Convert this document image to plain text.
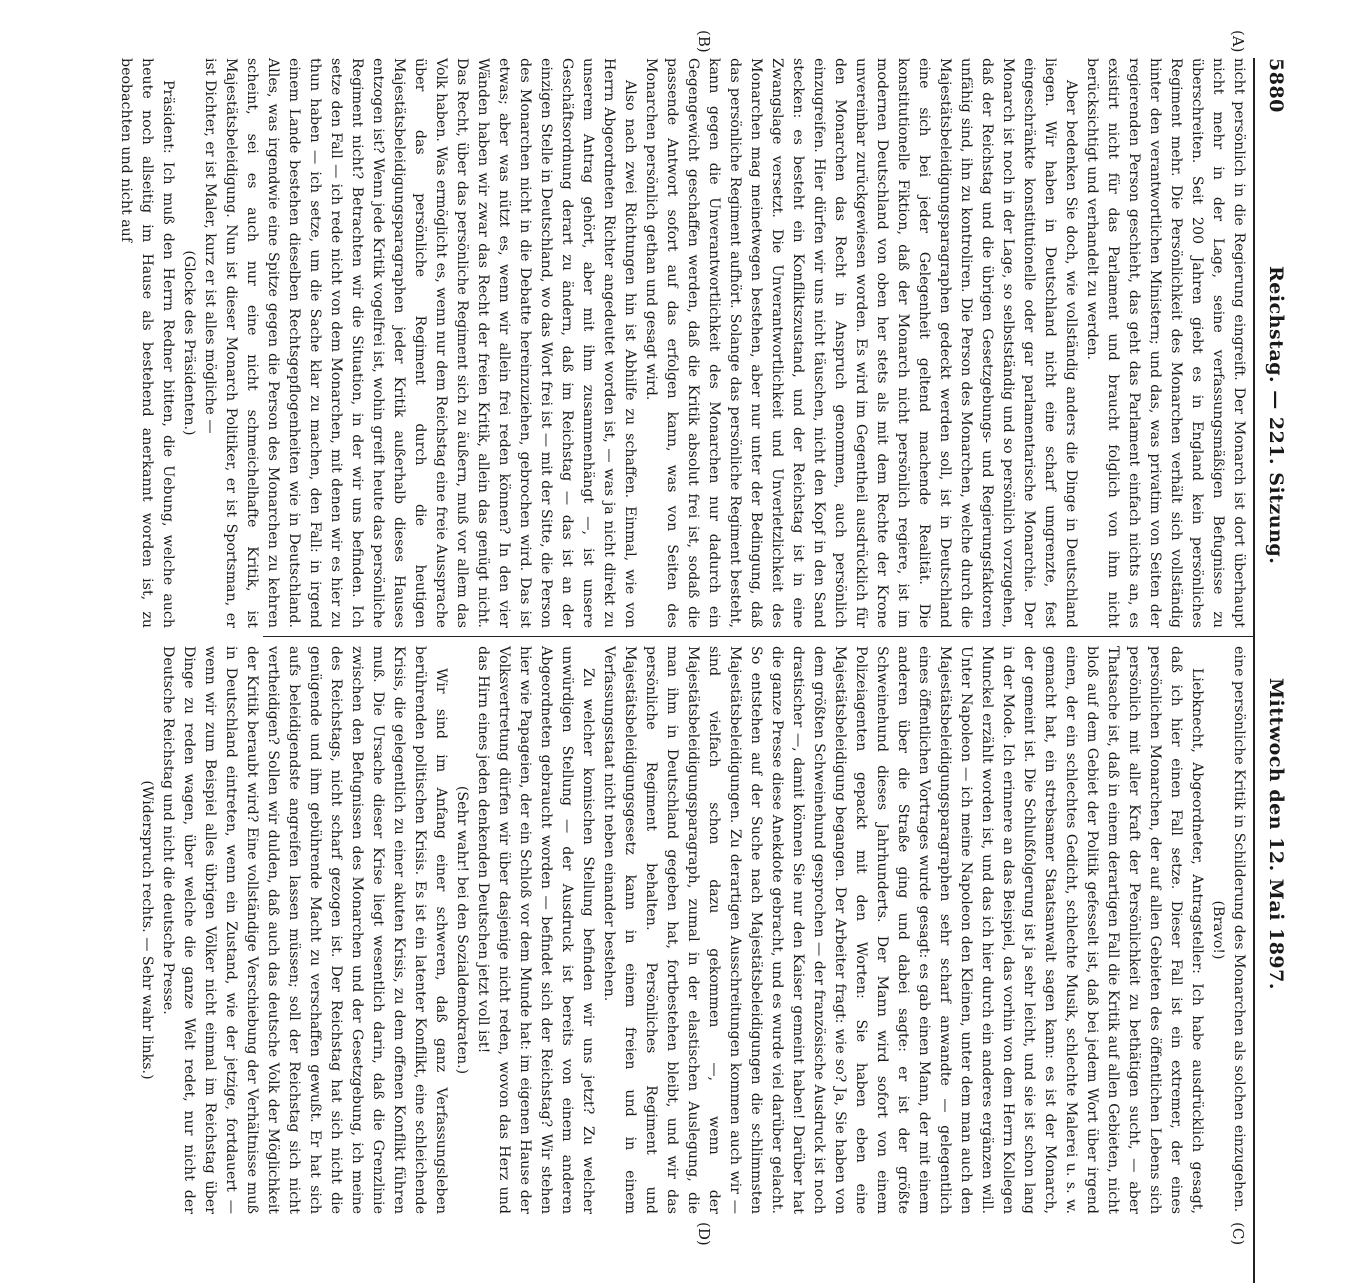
5880
Reichstag. — 221. Sitzung.
Mittwoch den 12. Mai 1897.
(A)
(B)
(C)
(D)

nicht persönlich in die Regierung eingreift. Der Monarch ist dort überhaupt nicht mehr in der Lage, seine verfassungsmäßigen Befugnisse zu überschreiten. Seit 200 Jahren giebt es in England kein persönliches Regiment mehr. Die Persönlichkeit des Monarchen verhält sich vollständig hinter den verantwortlichen Ministern; und das, was privatim von Seiten der regierenden Person geschieht, das geht das Parlament einfach nichts an, es existirt nicht für das Parlament und braucht folglich von ihm nicht berücksichtigt und verhandelt zu werden.

Aber bedenken Sie doch, wie vollständig anders die Dinge in Deutschland liegen. Wir haben in Deutschland nicht eine scharf umgrenzte, fest eingeschränkte konstitutionelle oder gar parlamentarische Monarchie. Der Monarch ist noch in der Lage, so selbstständig und so persönlich vorzugehen, daß der Reichstag und die übrigen Gesetzgebungs- und Regierungsfaktoren unfähig sind, ihn zu kontroliren. Die Person des Monarchen, welche durch die Majestätsbeleidigungsparagraphen gedeckt werden soll, ist in Deutschland eine sich bei jeder Gelegenheit geltend machende Realität. Die konstitutionelle Fiktion, daß der Monarch nicht persönlich regiere, ist im modernen Deutschland von oben her stets als mit dem Rechte der Krone unvereinbar zurückgewiesen worden. Es wird im Gegentheil ausdrücklich für den Monarchen das Recht in Anspruch genommen, auch persönlich einzugreifen. Hier dürfen wir uns nicht täuschen, nicht den Kopf in den Sand stecken: es besteht ein Konfliktszustand, und der Reichstag ist in eine Zwangslage versetzt. Die Unverantwortlichkeit und Unverletzlichkeit des Monarchen mag meinetwegen bestehen, aber nur unter der Bedingung, daß das persönliche Regiment aufhört. Solange das persönliche Regiment besteht, kann gegen die Unverantwortlichkeit des Monarchen nur dadurch ein Gegengewicht geschaffen werden, daß die Kritik absolut frei ist, sodaß die passende Antwort sofort auf das erfolgen kann, was von Seiten des Monarchen persönlich gethan und gesagt wird.

Also nach zwei Richtungen hin ist Abhilfe zu schaffen. Einmal, wie von Herrn Abgeordneten Richter angedeutet worden ist, — was ja nicht direkt zu unserem Antrag gehört, aber mit ihm zusammenhängt —, ist unsere Geschäftsordnung derart zu ändern, daß im Reichstag — das ist an der einzigen Stelle in Deutschland, wo das Wort frei ist — mit der Sitte, die Person des Monarchen nicht in die Debatte hereinzuziehen, gebrochen wird. Das ist etwas; aber was nützt es, wenn wir allein frei reden können? In den vier Wänden haben wir zwar das Recht der freien Kritik, allein das genügt nicht. Das Recht, über das persönliche Regiment sich zu äußern, muß vor allem das Volk haben. Was ermöglicht es, wenn nur dem Reichstag eine freie Aussprache über das persönliche Regiment durch die heutigen Majestätsbeleidigungsparagraphen jeder Kritik außerhalb dieses Hauses entzogen ist? Wenn jede Kritik vogelfrei ist, wohin greift heute das persönliche Regiment nicht? Betrachten wir die Situation, in der wir uns befinden. Ich setze den Fall — ich rede nicht von dem Monarchen, mit denen wir es hier zu thun haben — ich setze, um die Sache klar zu machen, den Fall: in irgend einem Lande bestehen dieselben Rechtsgepflogenheiten wie in Deutschland. Alles, was irgendwie eine Spitze gegen die Person des Monarchen zu kehren scheint, sei es auch nur eine nicht schmeichelhafte Kritik, ist Majestätsbeleidigung. Nun ist dieser Monarch Politiker, er ist Sportsman, er ist Dichter, er ist Maler, kurz er ist alles mögliche —

(Glocke des Präsidenten.)

Präsident: Ich muß den Herrn Redner bitten, die Uebung, welche auch heute noch allseitig im Hause als bestehend anerkannt worden ist, zu beobachten und nicht auf

eine persönliche Kritik in Schilderung des Monarchen als solchen einzugehen.

(Bravo!)

Liebknecht, Abgeordneter, Antragsteller: Ich habe ausdrücklich gesagt, daß ich hier einen Fall setze. Dieser Fall ist ein extremer, der eines persönlichen Monarchen, der auf allen Gebieten des öffentlichen Lebens sich persönlich mit aller Kraft der Persönlichkeit zu bethätigen sucht, — aber Thatsache ist, daß in einem derartigen Fall die Kritik auf allen Gebieten, nicht bloß auf dem Gebiet der Politik gefesselt ist, daß bei jedem Wort über irgend einen, der ein schlechtes Gedicht, schlechte Musik, schlechte Malerei u. s. w. gemacht hat, ein strebsamer Staatsanwalt sagen kann: es ist der Monarch, der gemeint ist. Die Schlußfolgerung ist ja sehr leicht, und sie ist schon lang in der Mode. Ich erinnere an das Beispiel, das vorhin von dem Herrn Kollegen Munckel erzählt worden ist, und das ich hier durch ein anderes ergänzen will. Unter Napoleon — ich meine Napoleon den Kleinen, unter dem man auch den Majestätsbeleidigungsparagraphen sehr scharf anwandte — gelegentlich eines öffentlichen Vortrages wurde gesagt: es gab einen Mann, der mit einem anderen über die Straße ging und dabei sagte: er ist der größte Schweinehund dieses Jahrhunderts. Der Mann wird sofort von einem Polizeiagenten gepackt mit den Worten: Sie haben eben eine Majestätsbeleidigung begangen. Der Arbeiter fragt: wie so? Ja, Sie haben von dem größten Schweinehund gesprochen — der französische Ausdruck ist noch drastischer —, damit können Sie nur den Kaiser gemeint haben! Darüber hat die ganze Presse diese Anekdote gebracht, und es wurde viel darüber gelacht. So entstehen auf der Suche nach Majestätsbeleidigungen die schlimmsten Majestätsbeleidigungen. Zu derartigen Ausschreitungen kommen auch wir — sind vielfach schon dazu gekommen —, wenn der Majestätsbeleidigungsparagraph, zumal in der elastischen Auslegung, die man ihm in Deutschland gegeben hat, fortbestehen bleibt, und wir das persönliche Regiment behalten. Persönliches Regiment und Majestätsbeleidigungsgesetz kann in einem freien und in einem Verfassungsstaat nicht neben einander bestehen.

Zu welcher komischen Stellung befinden wir uns jetzt? Zu welcher unwürdigen Stellung — der Ausdruck ist bereits von einem anderen Abgeordneten gebraucht worden — befindet sich der Reichstag? Wir stehen hier wie Papageien, der ein Schloß vor dem Munde hat: im eigenen Hause der Volksvertretung dürfen wir über dasjenige nicht reden, wovon das Herz und das Hirn eines jeden denkenden Deutschen jetzt voll ist!

(Sehr wahr! bei den Sozialdemokraten.)

Wir sind im Anfang einer schweren, daß ganz Verfassungsleben berührenden politischen Krisis. Es ist ein latenter Konflikt, eine schleichende Krisis, die gelegentlich zu einer akuten Krisis, zu dem offenen Konflikt führen muß. Die Ursache dieser Krise liegt wesentlich darin, daß die Grenzlinie zwischen den Befugnissen des Monarchen und der Gesetzgebung, ich meine des Reichstags, nicht scharf gezogen ist. Der Reichstag hat sich nicht die genügende und ihm gebührende Macht zu verschaffen gewußt. Er hat sich aufs beleidigendste angreifen lassen müssen; soll der Reichstag sich nicht vertheidigen? Sollen wir dulden, daß auch das deutsche Volk der Möglichkeit der Kritik beraubt wird? Eine vollständige Verschiebung der Verhältnisse muß in Deutschland eintreten, wenn ein Zustand, wie der jetzige, fortdauert — wenn wir zum Beispiel alles übrigen Völker nicht einmal im Reichstag über Dinge zu reden wagen, über welche die ganze Welt redet, nur nicht der Deutsche Reichstag und nicht die deutsche Presse.

(Widerspruch rechts. — Sehr wahr links.)
